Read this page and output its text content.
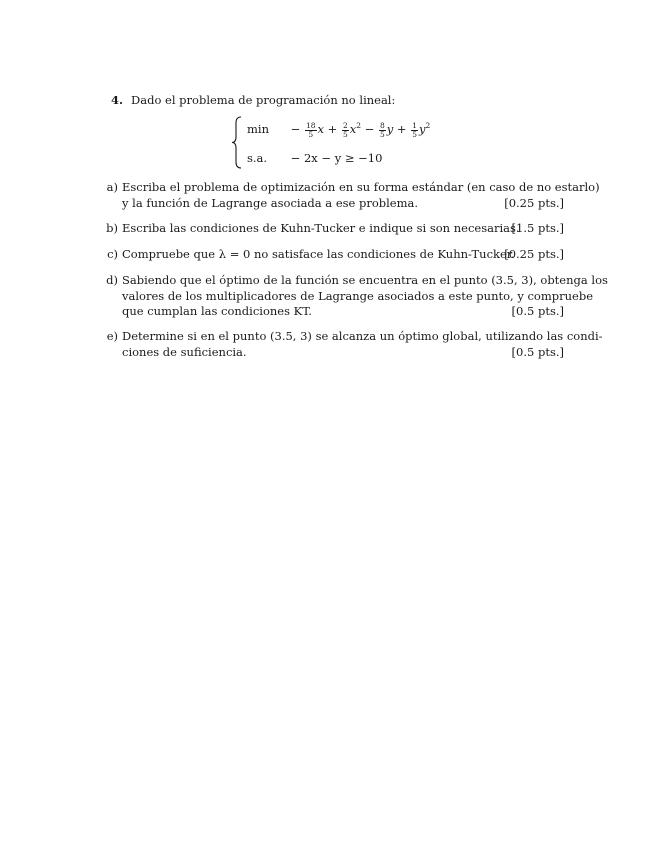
4. Dado el problema de programación no lineal:
$\min - \frac{18}{5}$ $x + \frac{2}{5} x^2 - \frac{8}{5}$ $y + \frac{1}{5} y^2$
s.a. − 2x − y ≥ −10
a) Escriba el problema de optimización en su forma estándar (en caso de no estarlo)
y la función de Lagrange asociada a ese problema.	[0.25 pts.]
b) Escriba las condiciones de Kuhn-Tucker e indique si son necesarias.
[1.5 pts.]
c) Compruebe que λ = 0 no satisface las condiciones de Kuhn-Tucker.
[0.25 pts.]
d) Sabiendo que el óptimo de la función se encuentra en el punto (3.5, 3), obtenga los
valores de los multiplicadores de Lagrange asociados a este punto, y compruebe
que cumplan las condiciones KT.	[0.5 pts.]
e) Determine si en el punto (3.5, 3) se alcanza un óptimo global, utilizando las condi-
ciones de suficiencia.	[0.5 pts.]
